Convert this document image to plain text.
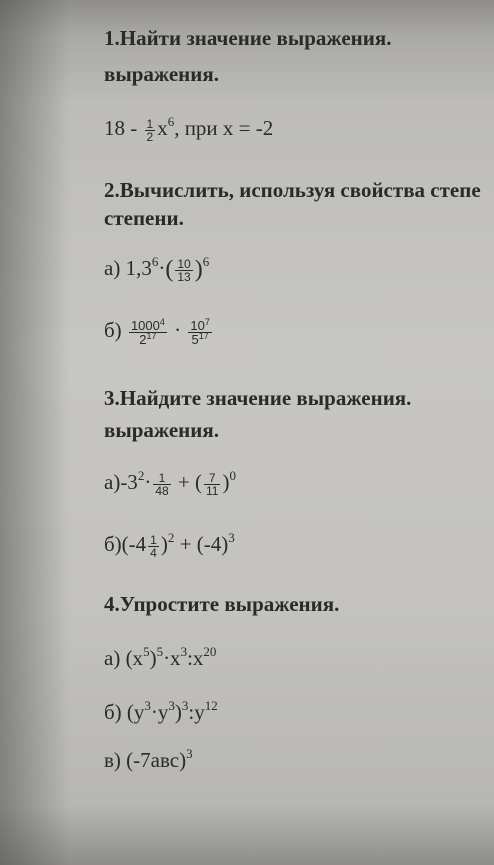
1.Найти значение выражения.
выражения.
$18 - \frac{1}{2} x^6$, при x = -2
2.Вычислить, используя свойства степе
степени.
а) $1,3^6\cdot( \frac{10}{13} )^6$
$б) \frac{1000^4}{2^{17}} \cdot \frac{10^7}{5^{17}}$
3.Найдите значение выражения.
выражения.
$а)-3^2\cdot \frac{1}{48}$ + ( $\frac{7}{11} )^0$
$б)(-4 \frac{1}{4} )^2 + (-4)^3$
4.Упростите выражения.
а) $(x^5)^5\cdot x^3:x^{20}$
б) $(y^3\cdot y^3)^3:y^{12}$
в) $(-7авс)^3$
